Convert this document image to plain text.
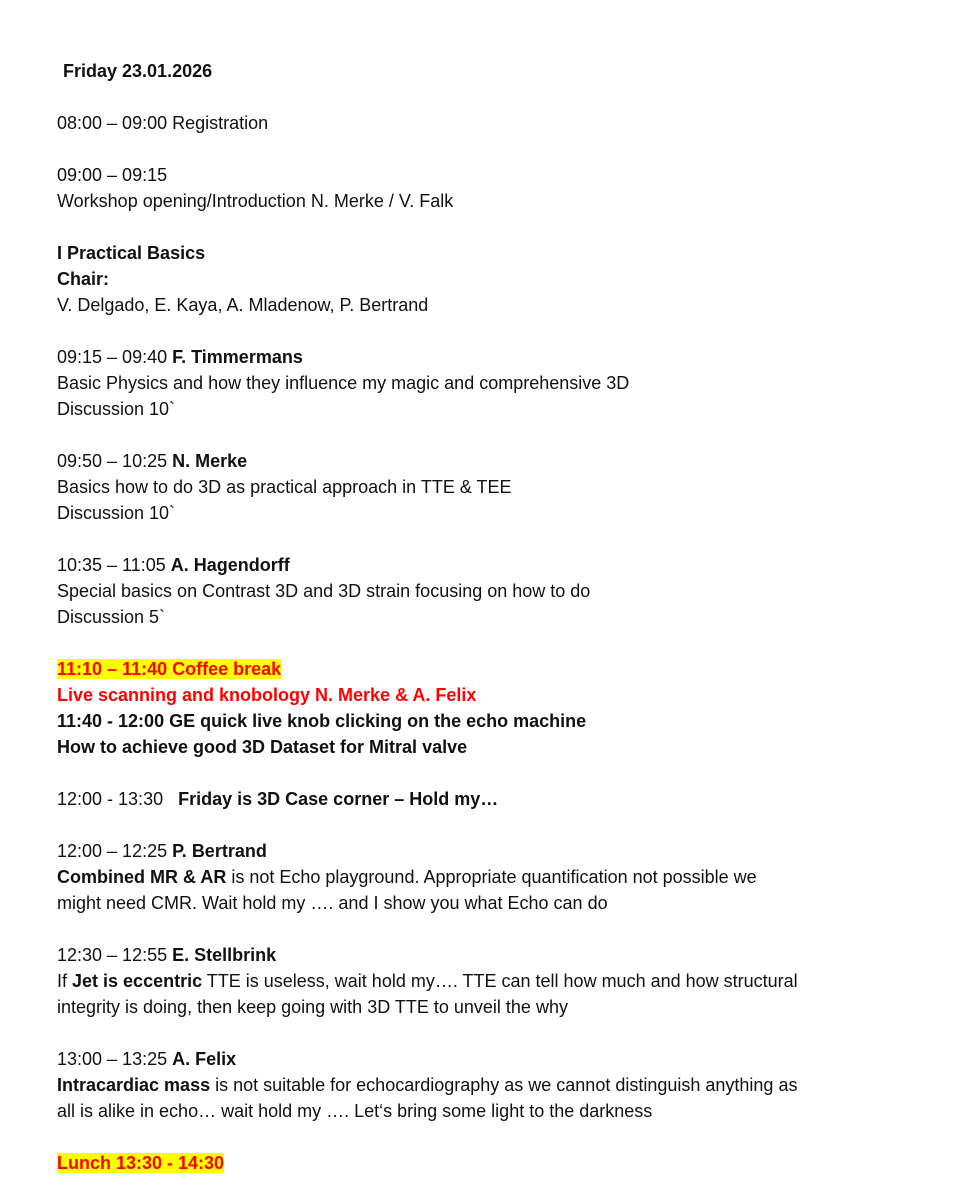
Friday 23.01.2026
08:00 – 09:00 Registration
09:00 – 09:15
Workshop opening/Introduction N. Merke / V. Falk
I Practical Basics
Chair:
V. Delgado, E. Kaya, A. Mladenow, P. Bertrand
09:15 – 09:40 F. Timmermans
Basic Physics and how they influence my magic and comprehensive 3D
Discussion 10`
09:50 – 10:25 N. Merke
Basics how to do 3D as practical approach in TTE & TEE
Discussion 10`
10:35 – 11:05 A. Hagendorff
Special basics on Contrast 3D and 3D strain focusing on how to do
Discussion 5`
11:10 – 11:40 Coffee break
Live scanning and knobology N. Merke & A. Felix
11:40 - 12:00 GE quick live knob clicking on the echo machine
How to achieve good 3D Dataset for Mitral valve
12:00 - 13:30 Friday is 3D Case corner – Hold my…
12:00 – 12:25 P. Bertrand
Combined MR & AR is not Echo playground. Appropriate quantification not possible we
might need CMR. Wait hold my …. and I show you what Echo can do
12:30 – 12:55 E. Stellbrink
If Jet is eccentric TTE is useless, wait hold my…. TTE can tell how much and how structural
integrity is doing, then keep going with 3D TTE to unveil the why
13:00 – 13:25 A. Felix
Intracardiac mass is not suitable for echocardiography as we cannot distinguish anything as
all is alike in echo… wait hold my …. Let‘s bring some light to the darkness
Lunch 13:30 - 14:30
